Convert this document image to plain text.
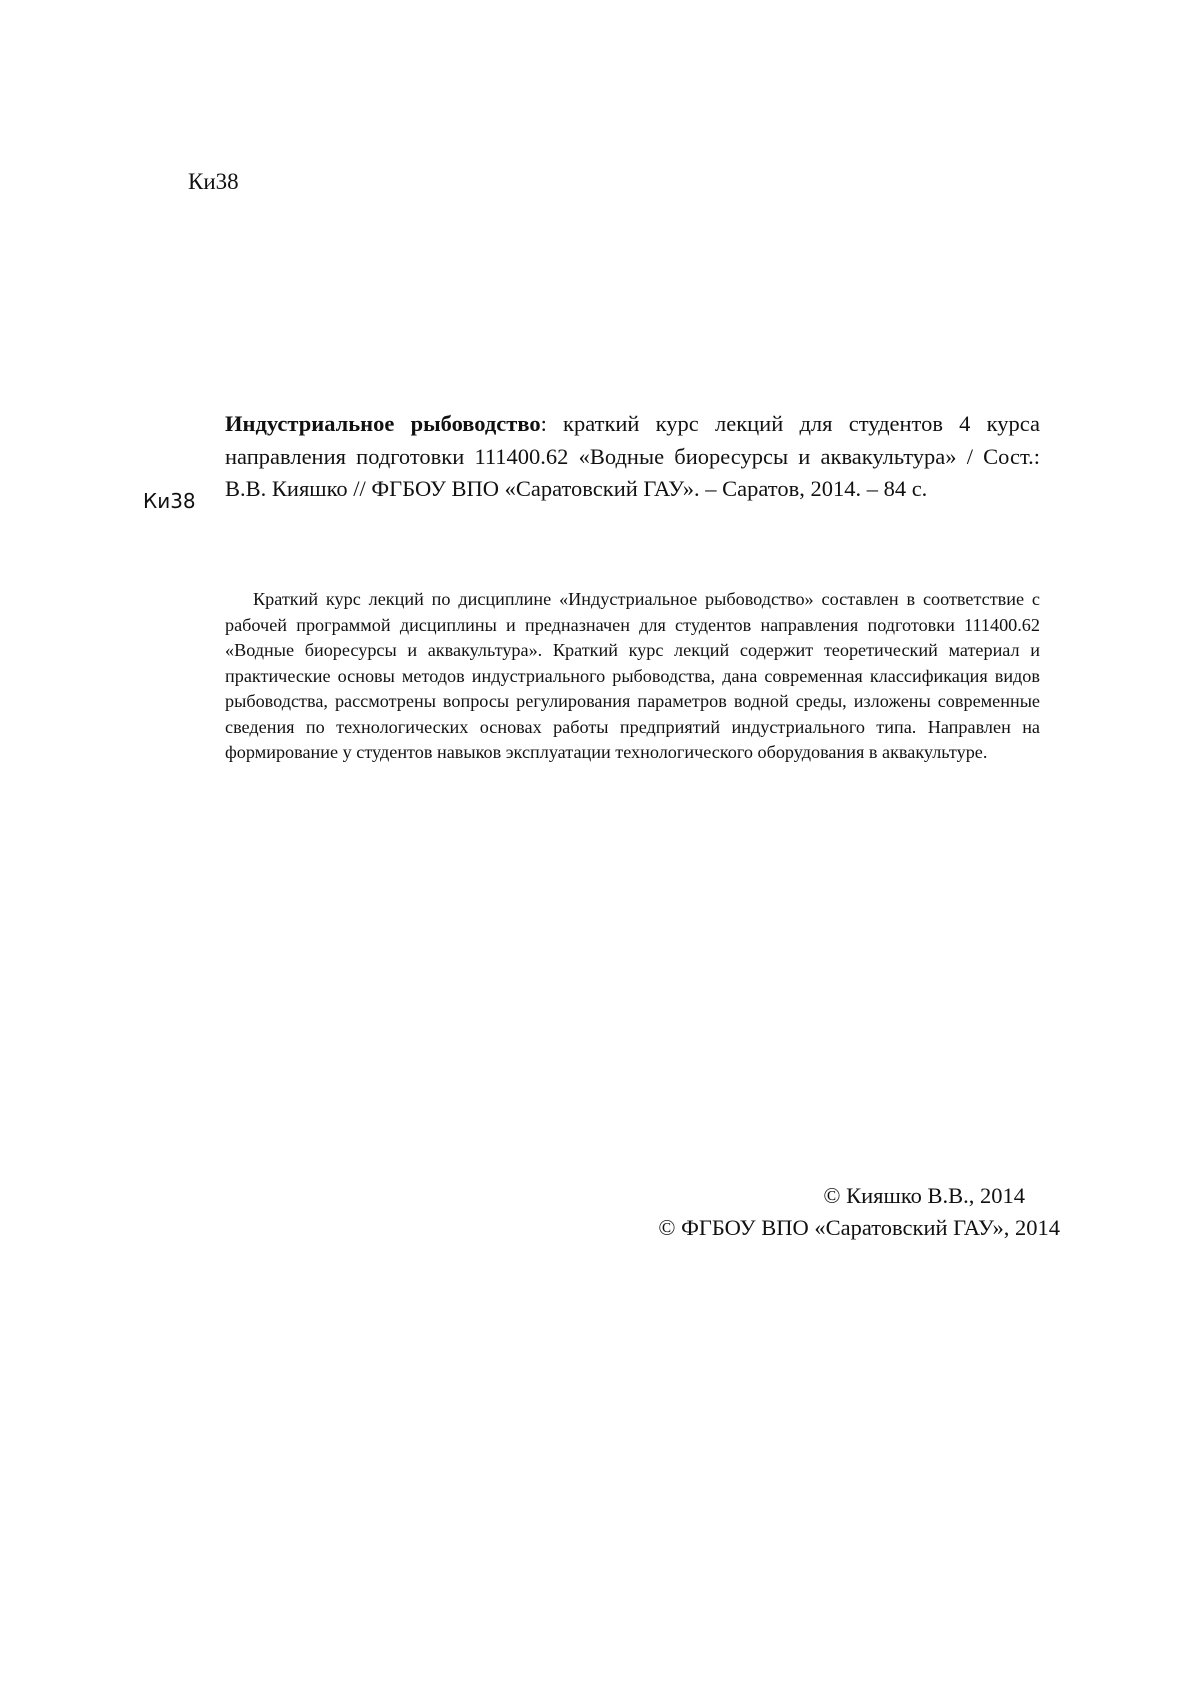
Ки38
Ки38

Индустриальное рыбоводство: краткий курс лекций для студентов 4 курса направления подготовки 111400.62 «Водные биоресурсы и аквакультура» / Сост.: В.В. Кияшко // ФГБОУ ВПО «Саратовский ГАУ». – Саратов, 2014. – 84 с.

Краткий курс лекций по дисциплине «Индустриальное рыбоводство» составлен в соответствие с рабочей программой дисциплины и предназначен для студентов направления подготовки 111400.62 «Водные биоресурсы и аквакультура». Краткий курс лекций содержит теоретический материал и практические основы методов индустриального рыбоводства, дана современная классификация видов рыбоводства, рассмотрены вопросы регулирования параметров водной среды, изложены современные сведения по технологических основах работы предприятий индустриального типа. Направлен на формирование у студентов навыков эксплуатации технологического оборудования в аквакультуре.

© Кияшко В.В., 2014
© ФГБОУ ВПО «Саратовский ГАУ», 2014
